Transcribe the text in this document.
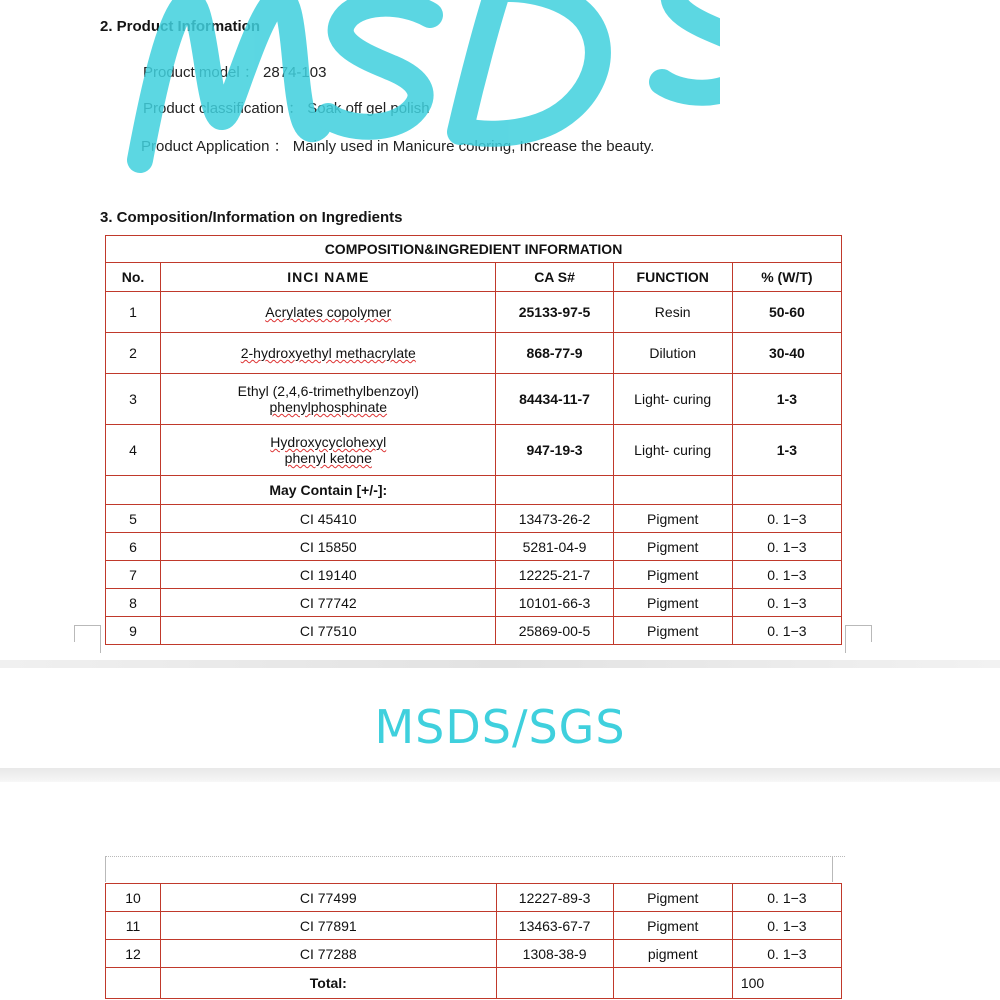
2. Product Information
Product model ： 2874-103
Product classification ： Soak off gel polish
Product Application ： Mainly used in Manicure coloring, Increase the beauty.
3. Composition/Information on Ingredients
COMPOSITION&INGREDIENT INFORMATION				
No.	INCI NAME	CA S#	FUNCTION	% (W/T)
1	Acrylates copolymer	25133-97-5	Resin	50-60
2	2-hydroxyethyl methacrylate	868-77-9	Dilution	30-40
3	Ethyl (2,4,6-trimethylbenzoyl)
phenylphosphinate	84434-11-7	Light- curing	1-3
4	Hydroxycyclohexyl
phenyl ketone	947-19-3	Light- curing	1-3
	May Contain [+/-]:			
5	CI 45410	13473-26-2	Pigment	0. 1−3
6	CI 15850	5281-04-9	Pigment	0. 1−3
7	CI 19140	12225-21-7	Pigment	0. 1−3
8	CI 77742	10101-66-3	Pigment	0. 1−3
9	CI 77510	25869-00-5	Pigment	0. 1−3
MSDS/SGS
10	CI 77499	12227-89-3	Pigment	0. 1−3
11	CI 77891	13463-67-7	Pigment	0. 1−3
12	CI 77288	1308-38-9	pigment	0. 1−3
	Total:			100
